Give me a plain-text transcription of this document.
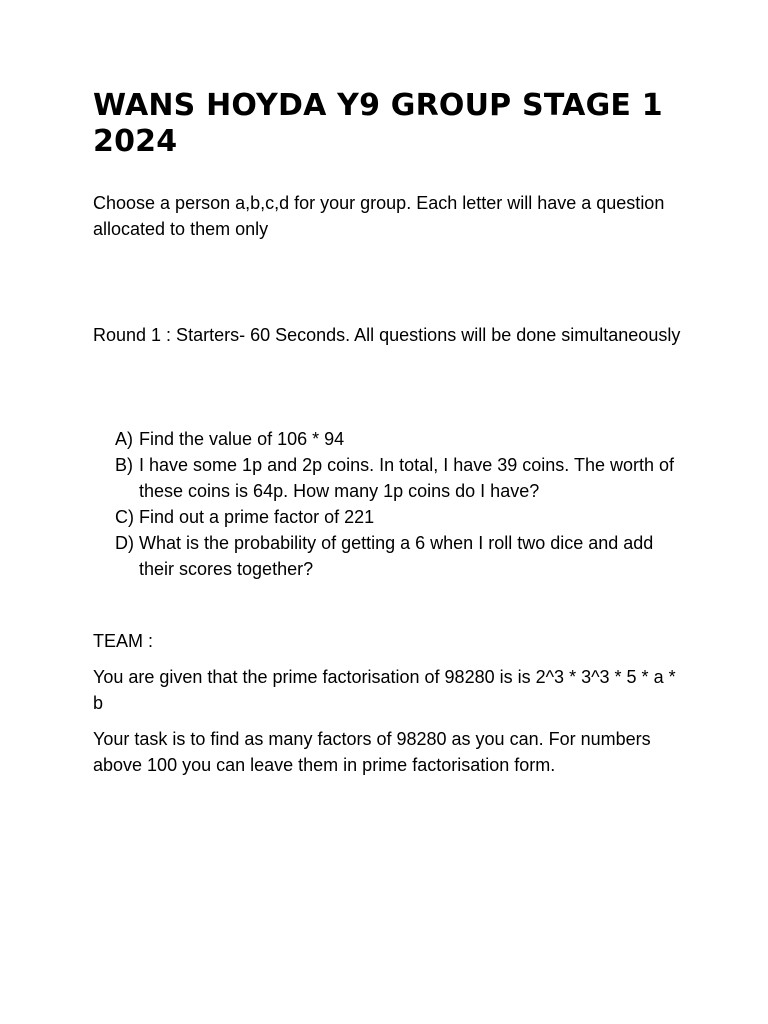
WANS HOYDA Y9 GROUP STAGE 1 2024

Choose a person a,b,c,d for your group. Each letter will have a question allocated to them only

Round 1 : Starters- 60 Seconds. All questions will be done simultaneously

A) Find the value of 106 * 94
B) I have some 1p and 2p coins. In total, I have 39 coins. The worth of these coins is 64p. How many 1p coins do I have?
C) Find out a prime factor of 221
D) What is the probability of getting a 6 when I roll two dice and add their scores together?

TEAM :

You are given that the prime factorisation of 98280 is is 2^3 * 3^3 * 5 * a * b

Your task is to find as many factors of 98280 as you can. For numbers above 100 you can leave them in prime factorisation form.
